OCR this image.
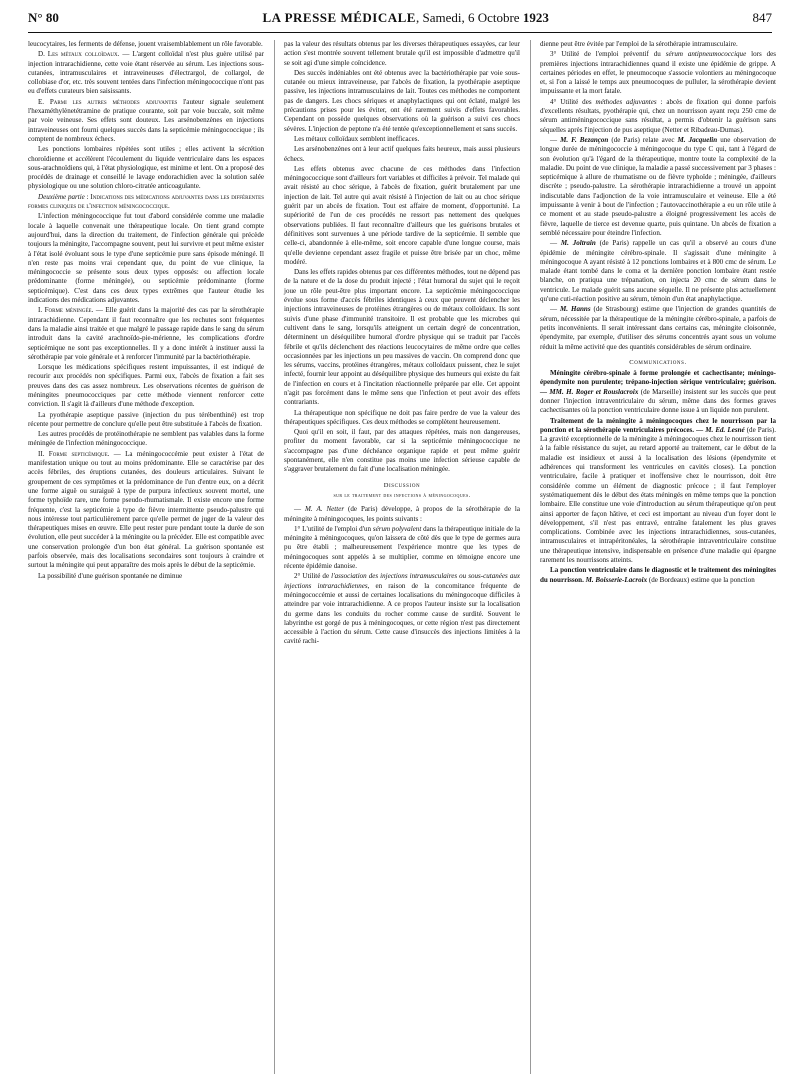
N° 80	LA PRESSE MÉDICALE, Samedi, 6 Octobre 1923	847

leucocytaires, les ferments de défense, jouent vraisemblablement un rôle favorable.

D. Les métaux colloïdaux. — L'argent colloïdal n'est plus guère utilisé par injection intrarachidienne, cette voie étant réservée au sérum. Les injections sous-cutanées, intramusculaires et intraveineuses d'électrargol, de collargol, de collobiase d'or, etc. très souvent tentées dans l'infection méningococcique n'ont pas eu d'effets curateurs bien saisissants.

E. Parmi les autres méthodes adjuvantes l'auteur signale seulement l'hexaméthylènetétramine de pratique courante, soit par voie buccale, soit même par voie veineuse. Ses effets sont douteux. Les arsénobenzènes en injections intraveineuses ont fourni quelques succès dans la septicémie méningococcique ; ils comptent de nombreux échecs.

Les ponctions lombaires répétées sont utiles ; elles activent la sécrétion choroïdienne et accélèrent l'écoulement du liquide ventriculaire dans les espaces sous-arachnoïdiens qui, à l'état physiologique, est minime et lent. On a proposé des procédés de drainage et conseillé le lavage endorachidien avec la solution salée physiologique ou une solution chloro-citratée anticoagulante.

Deuxième partie : Indications des médications adjuvantes dans les différentes formes cliniques de l'infection méningococcique.

L'infection méningococcique fut tout d'abord considérée comme une maladie locale à laquelle convenait une thérapeutique locale. On tient grand compte aujourd'hui, dans la direction du traitement, de l'infection générale qui précède toujours la méningite, l'accompagne souvent, peut lui survivre et peut même exister à l'état isolé évoluant sous le type d'une septicémie pure sans épisode méningé. Il n'en reste pas moins vrai cependant que, du point de vue clinique, la méningococcie se présente sous deux types opposés: ou affection locale prédominante (forme méningée), ou septicémie prédominante (forme septicémique). C'est dans ces deux types extrêmes que l'auteur étudie les indications des médications adjuvantes.

I. Forme méningée. — Elle guérit dans la majorité des cas par la sérothérapie intrarachidienne. Cependant il faut reconnaître que les rechutes sont fréquentes dans la maladie ainsi traitée et que malgré le passage rapide dans le sang du sérum introduit dans la cavité arachnoïdo-pie-mérienne, les complications d'ordre septicémique ne sont pas exceptionnelles. Il y a donc intérêt à instituer aussi la sérothérapie par voie générale et à renforcer l'immunité par la bactériothérapie.

Lorsque les médications spécifiques restent impuissantes, il est indiqué de recourir aux procédés non spécifiques. Parmi eux, l'abcès de fixation a fait ses preuves dans des cas assez nombreux. Les observations récentes de guérison de méningites pneumococciques par cette méthode viennent renforcer cette conviction. Il s'agit là d'ailleurs d'une méthode d'exception.

La pyothérapie aseptique passive (injection du pus térébenthiné) est trop récente pour permettre de conclure qu'elle peut être substituée à l'abcès de fixation.

Les autres procédés de protéinothérapie ne semblent pas valables dans la forme méningée de l'infection méningococcique.

II. Forme septicémique. — La méningococcémie peut exister à l'état de manifestation unique ou tout au moins prédominante. Elle se caractérise par des accès fébriles, des éruptions cutanées, des douleurs articulaires. Suivant le groupement de ces symptômes et la prédominance de l'un d'entre eux, on a décrit une forme aiguë ou suraiguë à type de purpura infectieux souvent mortel, une forme typhoïde rare, une forme pseudo-rhumatismale. Il existe encore une forme fréquente, c'est la septicémie à type de fièvre intermittente pseudo-palustre qui nous intéresse tout particulièrement parce qu'elle permet de juger de la valeur des thérapeutiques mises en œuvre. Elle peut rester pure pendant toute la durée de son évolution, elle peut succéder à la méningite ou la précéder. Elle est compatible avec une conservation prolongée d'un bon état général. La guérison spontanée est parfois observée, mais des localisations secondaires sont toujours à craindre et surtout la méningite qui peut apparaître des mois après le début de la septicémie.

La possibilité d'une guérison spontanée ne diminue

pas la valeur des résultats obtenus par les diverses thérapeutiques essayées, car leur action s'est montrée souvent tellement brutale qu'il est impossible d'admettre qu'il se soit agi d'une simple coïncidence.

Des succès indéniables ont été obtenus avec la bactériothérapie par voie sous-cutanée ou mieux intraveineuse, par l'abcès de fixation, la pyothérapie aseptique passive, les injections intramusculaires de lait. Toutes ces méthodes ne comportent pas de dangers. Les chocs sériques et anaphylactiques qui ont éclaté, malgré les précautions prises pour les éviter, ont été rarement suivis d'effets favorables. Cependant on possède quelques observations où la guérison a suivi ces chocs sévères. L'injection de peptone n'a été tentée qu'exceptionnellement et sans succès.

Les métaux colloïdaux semblent inefficaces.

Les arsénobenzènes ont à leur actif quelques faits heureux, mais aussi plusieurs échecs.

Les effets obtenus avec chacune de ces méthodes dans l'infection méningococcique sont d'ailleurs fort variables et difficiles à prévoir. Tel malade qui avait résisté au choc sérique, à l'abcès de fixation, guérit brutalement par une injection de lait. Tel autre qui avait résisté à l'injection de lait ou au choc sérique guérit par un abcès de fixation. Tout est affaire de moment, d'opportunité. La supériorité de l'un de ces procédés ne ressort pas nettement des quelques observations publiées. Il faut reconnaître d'ailleurs que les guérisons brutales et définitives sont survenues à une période tardive de la septicémie. Il semble que celle-ci, abandonnée à elle-même, soit encore capable d'une longue course, mais qu'elle devienne cependant assez fragile et puisse être brisée par un choc, même modéré.

Dans les effets rapides obtenus par ces différentes méthodes, tout ne dépend pas de la nature et de la dose du produit injecté ; l'état humoral du sujet qui le reçoit joue un rôle peut-être plus important encore. La septicémie méningococcique évolue sous forme d'accès fébriles identiques à ceux que peuvent déclencher les injections intraveineuses de protéines étrangères ou de métaux colloïdaux. Ils sont suivis d'une phase d'immunité transitoire. Il est probable que les microbes qui cultivent dans le sang, lorsqu'ils atteignent un certain degré de concentration, déterminent un déséquilibre humoral d'ordre physique qui se traduit par l'accès fébrile et qu'ils déclenchent des réactions leucocytaires de même ordre que celles occasionnées par les injections un peu massives de vaccin. On comprend donc que les sérums, vaccins, protéines étrangères, métaux colloïdaux puissent, chez le sujet infecté, fournir leur appoint au déséquilibre physique des humeurs qui existe du fait de l'infection en cours et à l'incitation réactionnelle préparée par elle. Cet appoint n'agit pas forcément dans le même sens que l'infection et peut avoir des effets contrariants.

La thérapeutique non spécifique ne doit pas faire perdre de vue la valeur des thérapeutiques spécifiques. Ces deux méthodes se complètent heureusement.

Quoi qu'il en soit, il faut, par des attaques répétées, mais non dangereuses, profiter du moment favorable, car si la septicémie méningococcique ne s'accompagne pas d'une déchéance organique rapide et peut même guérir spontanément, elle n'en constitue pas moins une infection sérieuse capable de s'aggraver brutalement du fait d'une localisation méningée.

Discussion
sur le traitement des infections à méningocoques.

— M. A. Netter (de Paris) développe, à propos de la sérothérapie de la méningite à méningocoques, les points suivants :

1° L'utilité de l'emploi d'un sérum polyvalent dans la thérapeutique initiale de la méningite à méningocoques, qu'on laissera de côté dès que le type de germes aura pu être établi ; malheureusement l'expérience montre que les types de méningocoques sont appelés à se multiplier, comme en témoigne encore une récente épidémie danoise.

2° Utilité de l'association des injections intramusculaires ou sous-cutanées aux injections intrarachidiennes, en raison de la concomitance fréquente de méningococcémie et aussi de certaines localisations du méningocoque difficiles à atteindre par voie intrarachidienne. A ce propos l'auteur insiste sur la localisation du germe dans les conduits du rocher comme cause de surdité. Souvent le labyrinthe est gorgé de pus à méningocoques, or cette région n'est pas directement accessible à l'action du sérum. Cette cause d'insuccès des injections limitées à la cavité rachi-

dienne peut être évitée par l'emploi de la sérothérapie intramusculaire.

3° Utilité de l'emploi préventif du sérum antipneumococcique lors des premières injections intrarachidiennes quand il existe une épidémie de grippe. A certaines périodes en effet, le pneumocoque s'associe volontiers au méningocoque et, si l'on a laissé le temps aux pneumocoques de pulluler, la sérothérapie devient impuissante et la mort fatale.

4° Utilité des méthodes adjuvantes : abcès de fixation qui donne parfois d'excellents résultats, pyothérapie qui, chez un nourrisson ayant reçu 250 cme de sérum antiméningococcique sans résultat, a permis d'obtenir la guérison sans séquelles après l'injection de pus aseptique (Netter et Ribadeau-Dumas).

— M. F. Bezançon (de Paris) relate avec M. Jacquelin une observation de longue durée de méningococcie à méningocoque du type C qui, tant à l'égard de son évolution qu'à l'égard de la thérapeutique, montre toute la complexité de la maladie. Du point de vue clinique, la maladie a passé successivement par 3 phases : septicémique à allure de rhumatisme ou de fièvre typhoïde ; méningée, d'ailleurs discrète ; pseudo-palustre. La sérothérapie intrarachidienne a trouvé un appoint indiscutable dans l'adjonction de la voie intramusculaire et veineuse. Elle a été impuissante à venir à bout de l'infection ; l'autovaccinothérapie a eu un rôle utile à ce moment et au stade pseudo-palustre a éloigné progressivement les accès de fièvre, laquelle de tierce est devenue quarte, puis quintane. Un abcès de fixation a semblé nécessaire pour éteindre l'infection.

— M. Joltrain (de Paris) rappelle un cas qu'il a observé au cours d'une épidémie de méningite cérébro-spinale. Il s'agissait d'une méningite à méningocoque A ayant résisté à 12 ponctions lombaires et à 800 cmc de sérum. Le malade étant tombé dans le coma et la dernière ponction lombaire étant restée blanche, on pratiqua une trépanation, on injecta 20 cmc de sérum dans le ventricule. Le malade guérit sans aucune séquelle. Il ne présente plus actuellement qu'une cuti-réaction positive au sérum, témoin d'un état anaphylactique.

— M. Hanns (de Strasbourg) estime que l'injection de grandes quantités de sérum, nécessitée par la thérapeutique de la méningite cérébro-spinale, a parfois de petits inconvénients. Il serait intéressant dans certains cas, méningite cloisonnée, épendymite, par exemple, d'utiliser des sérums concentrés ayant sous un volume réduit la même activité que des quantités considérables de sérum ordinaire.

Communications.

Méningite cérébro-spinale à forme prolongée et cachectisante; méningo-épendymite non purulente; trépano-injection sérique ventriculaire; guérison. — MM. H. Roger et Rouslacroix (de Marseille) insistent sur les succès que peut donner l'injection intraventriculaire du sérum, même dans des formes graves cachectisantes où la ponction ventriculaire donne issue à un liquide non purulent.

Traitement de la méningite à méningocoques chez le nourrisson par la ponction et la sérothérapie ventriculaires précoces. — M. Ed. Lesné (de Paris). La gravité exceptionnelle de la méningite à méningocoques chez le nourrisson tient à la faible résistance du sujet, au retard apporté au traitement, car le début de la maladie est insidieux et aussi à la localisation des lésions (épendymite et adhérences qui transforment les ventricules en cavités closes). La ponction ventriculaire, facile à pratiquer et inoffensive chez le nourrisson, doit être considérée comme un élément de diagnostic précoce ; il faut l'employer systématiquement dès le début des états méningés en même temps que la ponction lombaire. Elle constitue une voie d'introduction au sérum thérapeutique qu'on peut ainsi apporter de façon hâtive, et ceci est important au niveau d'un foyer dont le développement, s'il n'est pas entravé, entraîne fatalement les plus graves complications. Combinée avec les injections intrarachidiennes, sous-cutanées, intramusculaires et intrapéritonéales, la sérothérapie intraventriculaire constitue une thérapeutique intensive, indispensable en présence d'une maladie qui épargne rarement les nourrissons atteints.

La ponction ventriculaire dans le diagnostic et le traitement des méningites du nourrisson. M. Boisserie-Lacroix (de Bordeaux) estime que la ponction
